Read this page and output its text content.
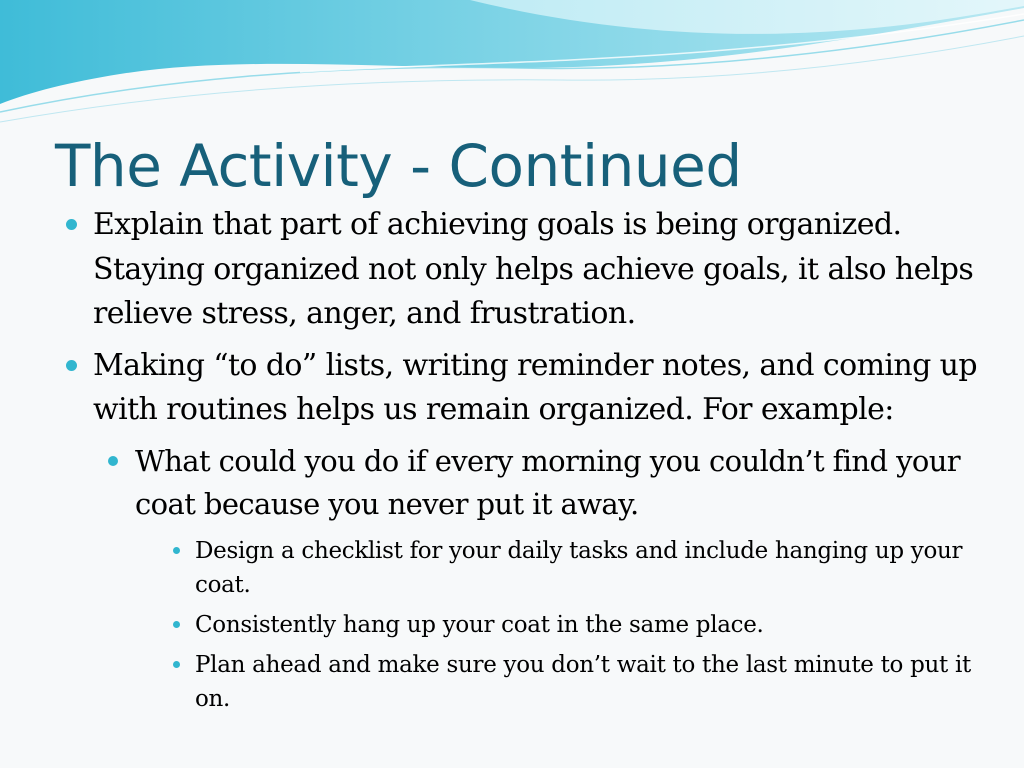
The Activity - Continued
Explain that part of achieving goals is being organized. Staying organized not only helps achieve goals, it also helps relieve stress, anger, and frustration.
Making “to do” lists, writing reminder notes, and coming up with routines helps us remain organized. For example:
What could you do if every morning you couldn’t find your coat because you never put it away.
Design a checklist for your daily tasks and include hanging up your coat.
Consistently hang up your coat in the same place.
Plan ahead and make sure you don’t wait to the last minute to put it on.
